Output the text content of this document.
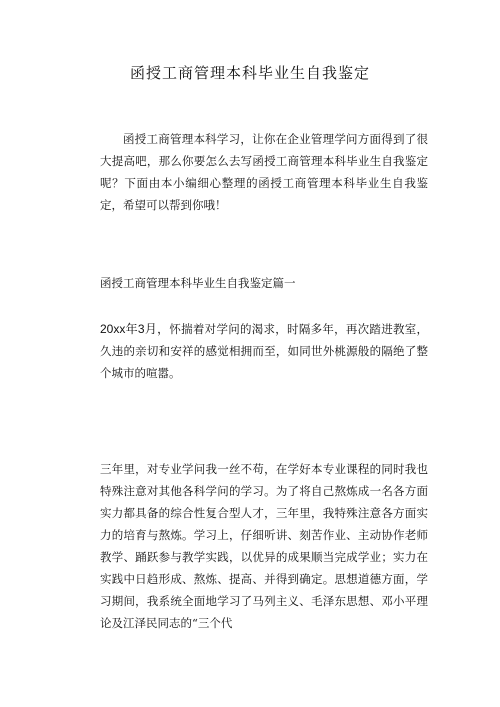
函授工商管理本科毕业生自我鉴定

函授工商管理本科学习，让你在企业管理学问方面得到了很大提高吧，那么你要怎么去写函授工商管理本科毕业生自我鉴定呢？下面由本小编细心整理的函授工商管理本科毕业生自我鉴定，希望可以帮到你哦！

函授工商管理本科毕业生自我鉴定篇一

20xx年3月，怀揣着对学问的渴求，时隔多年，再次踏进教室，久违的亲切和安祥的感觉相拥而至，如同世外桃源般的隔绝了整个城市的喧嚣。

三年里，对专业学问我一丝不苟，在学好本专业课程的同时我也特殊注意对其他各科学问的学习。为了将自己熬炼成一名各方面实力都具备的综合性复合型人才，三年里，我特殊注意各方面实力的培育与熬炼。学习上，仔细听讲、刻苦作业、主动协作老师教学、踊跃参与教学实践，以优异的成果顺当完成学业；实力在实践中日趋形成、熬炼、提高、并得到确定。思想道德方面，学习期间，我系统全面地学习了马列主义、毛泽东思想、邓小平理论及江泽民同志的“三个代
